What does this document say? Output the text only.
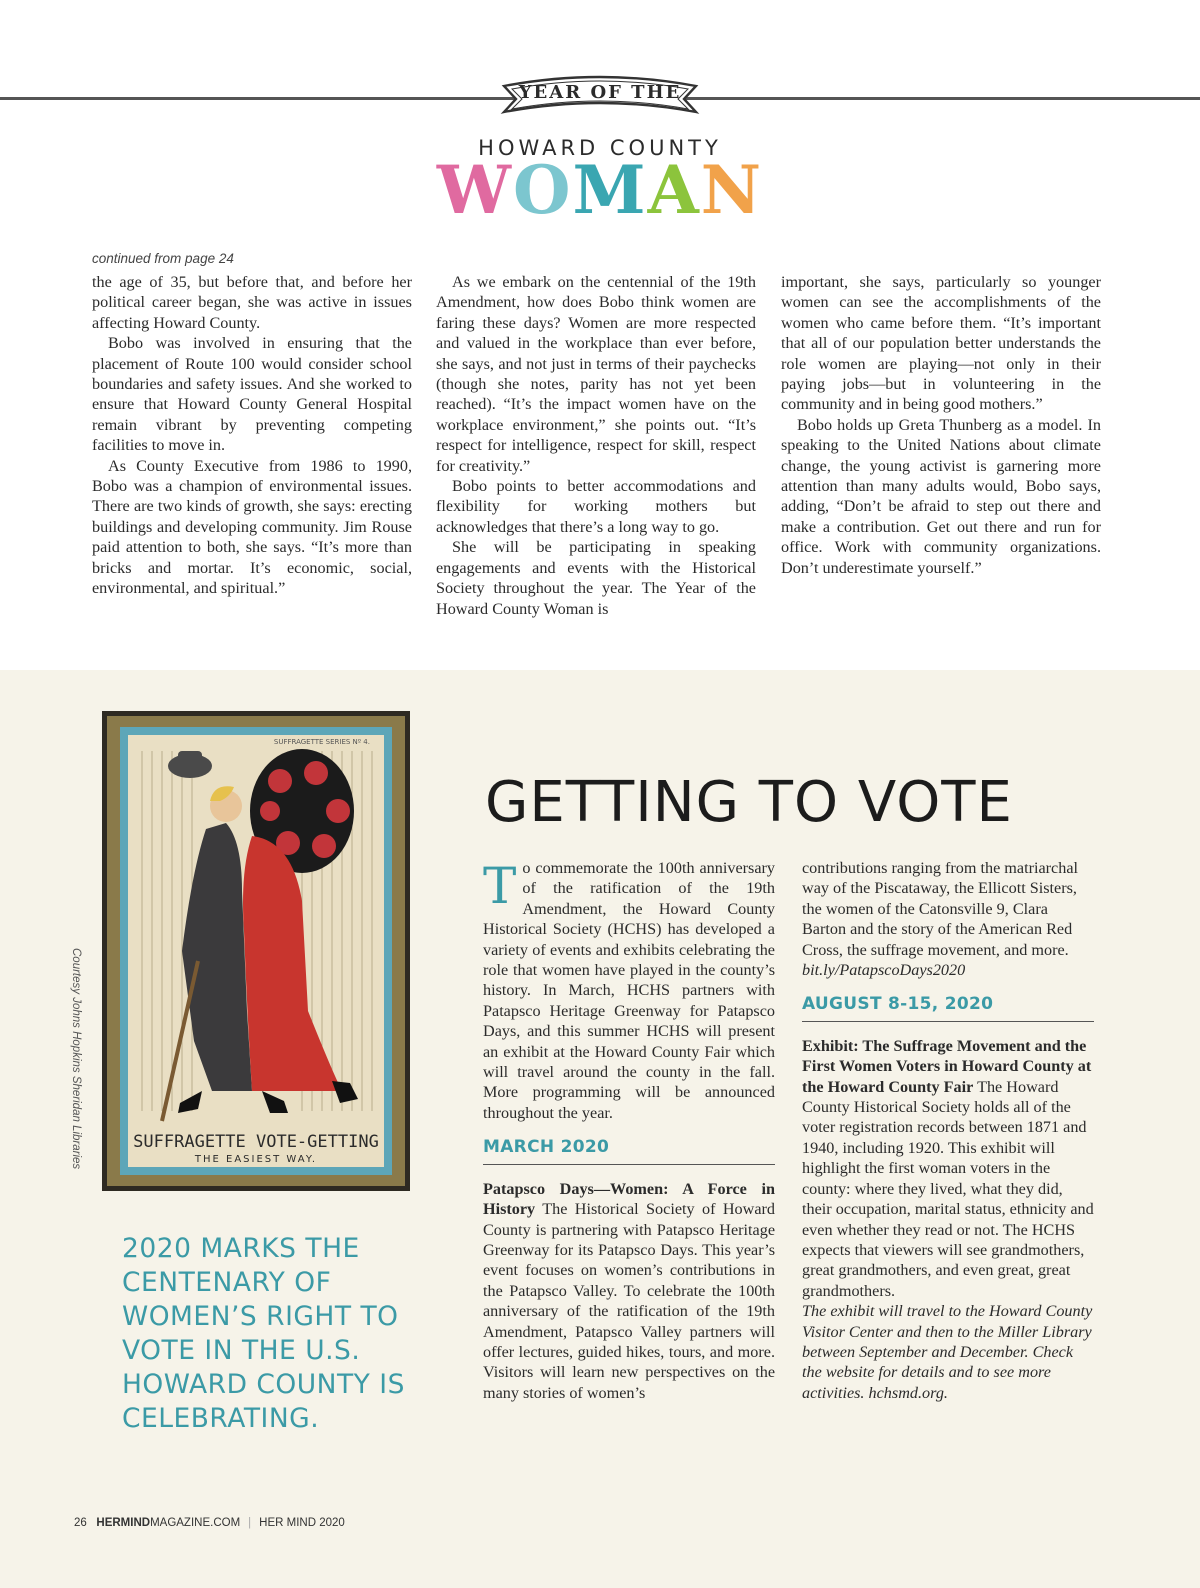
YEAR OF THE
HOWARD COUNTY
WOMAN
continued from page 24

the age of 35, but before that, and before her political career began, she was active in issues affecting Howard County.

Bobo was involved in ensuring that the placement of Route 100 would consider school boundaries and safety issues. And she worked to ensure that Howard County General Hospital remain vibrant by preventing competing facilities to move in.

As County Executive from 1986 to 1990, Bobo was a champion of environmental issues. There are two kinds of growth, she says: erecting buildings and developing community. Jim Rouse paid attention to both, she says. “It’s more than bricks and mortar. It’s economic, social, environmental, and spiritual.”

As we embark on the centennial of the 19th Amendment, how does Bobo think women are faring these days? Women are more respected and valued in the workplace than ever before, she says, and not just in terms of their paychecks (though she notes, parity has not yet been reached). “It’s the impact women have on the workplace environment,” she points out. “It’s respect for intelligence, respect for skill, respect for creativity.”

Bobo points to better accommodations and flexibility for working mothers but acknowledges that there’s a long way to go.

She will be participating in speaking engagements and events with the Historical Society throughout the year. The Year of the Howard County Woman is

important, she says, particularly so younger women can see the accomplishments of the women who came before them. “It’s important that all of our population better understands the role women are playing—not only in their paying jobs—but in volunteering in the community and in being good mothers.”

Bobo holds up Greta Thunberg as a model. In speaking to the United Nations about climate change, the young activist is garnering more attention than many adults would, Bobo says, adding, “Don’t be afraid to step out there and make a contribution. Get out there and run for office. Work with community organizations. Don’t underestimate yourself.”

SUFFRAGETTE SERIES Nº 4.
SUFFRAGETTE VOTE-GETTING
THE EASIEST WAY.
Courtesy Johns Hopkins Sheridan Libraries
2020 MARKS THE CENTENARY OF WOMEN’S RIGHT TO VOTE IN THE U.S. HOWARD COUNTY IS CELEBRATING.
GETTING TO VOTE

To commemorate the 100th anniversary of the ratification of the 19th Amendment, the Howard County Historical Society (HCHS) has developed a variety of events and exhibits celebrating the role that women have played in the county’s history. In March, HCHS partners with Patapsco Heritage Greenway for Patapsco Days, and this summer HCHS will present an exhibit at the Howard County Fair which will travel around the county in the fall. More programming will be announced throughout the year.

MARCH 2020

Patapsco Days—Women: A Force in History The Historical Society of Howard County is partnering with Patapsco Heritage Greenway for its Patapsco Days. This year’s event focuses on women’s contributions in the Patapsco Valley. To celebrate the 100th anniversary of the ratification of the 19th Amendment, Patapsco Valley partners will offer lectures, guided hikes, tours, and more. Visitors will learn new perspectives on the many stories of women’s

contributions ranging from the matriarchal way of the Piscataway, the Ellicott Sisters, the women of the Catonsville 9, Clara Barton and the story of the American Red Cross, the suffrage movement, and more.

bit.ly/PatapscoDays2020

AUGUST 8-15, 2020

Exhibit: The Suffrage Movement and the First Women Voters in Howard County at the Howard County Fair The Howard County Historical Society holds all of the voter registration records between 1871 and 1940, including 1920. This exhibit will highlight the first woman voters in the county: where they lived, what they did, their occupation, marital status, ethnicity and even whether they read or not. The HCHS expects that viewers will see grandmothers, great grandmothers, and even great, great grandmothers.

The exhibit will travel to the Howard County Visitor Center and then to the Miller Library between September and December. Check the website for details and to see more activities. hchsmd.org.

26 HERMINDMAGAZINE.COM | HER MIND 2020
